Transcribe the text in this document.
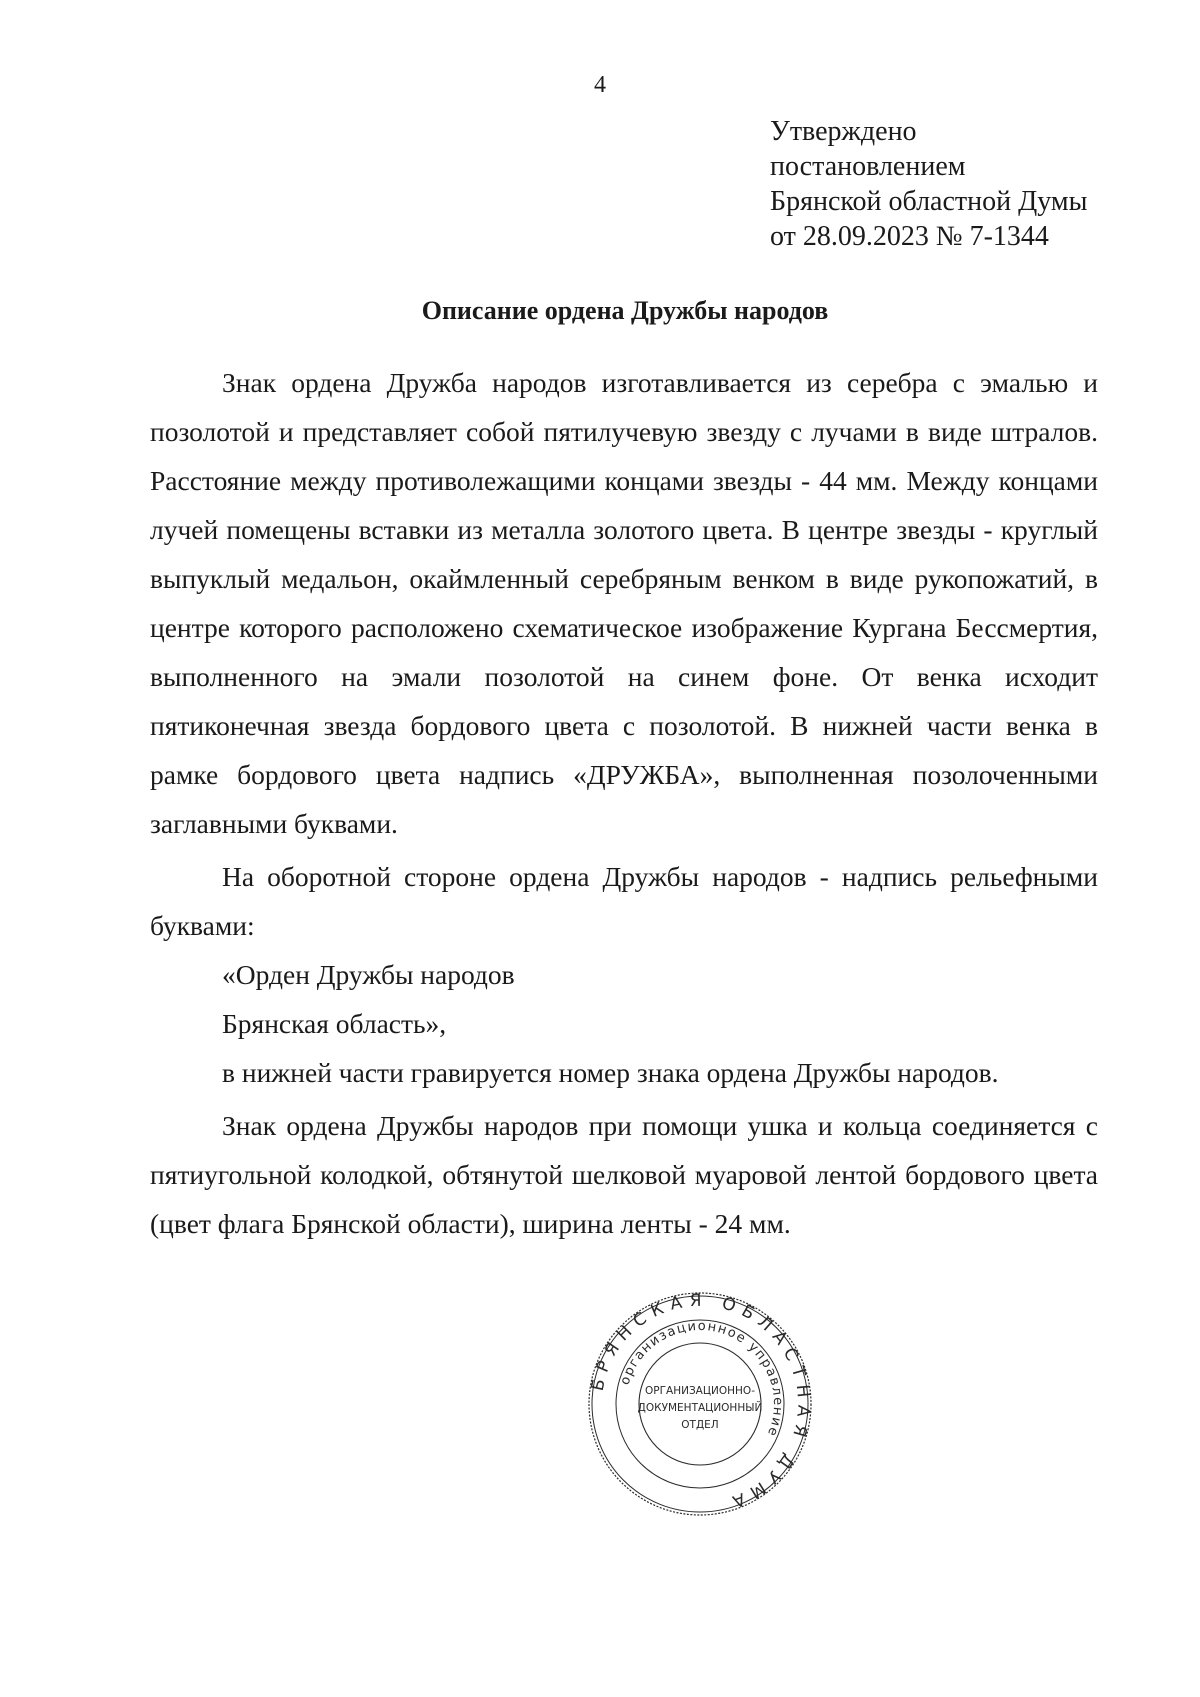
4
Утверждено
постановлением
Брянской областной Думы
от 28.09.2023 № 7-1344
Описание ордена Дружбы народов

Знак ордена Дружба народов изготавливается из серебра с эмалью и позолотой и представляет собой пятилучевую звезду с лучами в виде штралов. Расстояние между противолежащими концами звезды - 44 мм. Между концами лучей помещены вставки из металла золотого цвета. В центре звезды - круглый выпуклый медальон, окаймленный серебряным венком в виде рукопожатий, в центре которого расположено схематическое изображение Кургана Бессмертия, выполненного на эмали позолотой на синем фоне. От венка исходит пятиконечная звезда бордового цвета с позолотой. В нижней части венка в рамке бордового цвета надпись «ДРУЖБА», выполненная позолоченными заглавными буквами.

На оборотной стороне ордена Дружбы народов - надпись рельефными буквами:

«Орден Дружбы народов

Брянская область»,

в нижней части гравируется номер знака ордена Дружбы народов.

Знак ордена Дружбы народов при помощи ушка и кольца соединяется с пятиугольной колодкой, обтянутой шелковой муаровой лентой бордового цвета (цвет флага Брянской области), ширина ленты - 24 мм.

БРЯНСКАЯ ОБЛАСТНАЯ ДУМА
организационное управление
ОРГАНИЗАЦИОННО-
ДОКУМЕНТАЦИОННЫЙ
ОТДЕЛ
